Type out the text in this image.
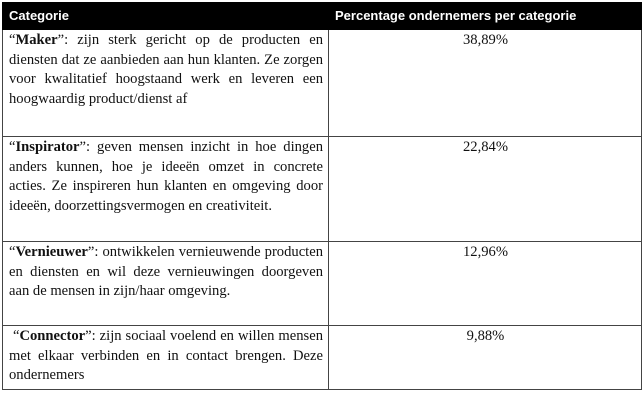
Categorie	Percentage ondernemers per categorie
“Maker”: zijn sterk gericht op de producten en diensten dat ze aanbieden aan hun klanten. Ze zorgen voor kwalitatief hoogstaand werk en leveren een hoogwaardig product/dienst af	38,89%
“Inspirator”: geven mensen inzicht in hoe dingen anders kunnen, hoe je ideeën omzet in concrete acties. Ze inspireren hun klanten en omgeving door ideeën, doorzettingsvermogen en creativiteit.	22,84%
“Vernieuwer”: ontwikkelen vernieuwende producten en diensten en wil deze vernieuwingen doorgeven aan de mensen in zijn/haar omgeving.	12,96%

“Connector”: zijn sociaal voelend en willen mensen met elkaar verbinden en in contact brengen. Deze ondernemers	9,88%
